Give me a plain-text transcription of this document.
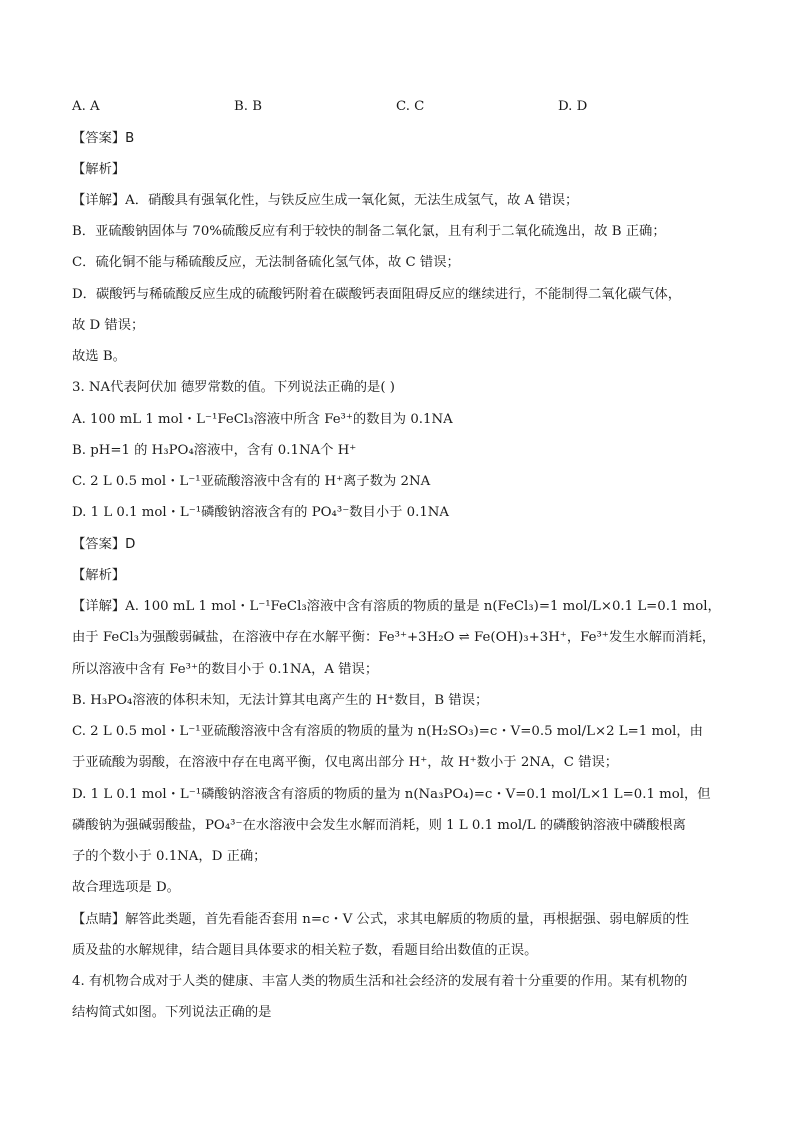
A. A	B. B	C. C	D. D
【答案】B
【解析】
【详解】A．硝酸具有强氧化性，与铁反应生成一氧化氮，无法生成氢气，故 A 错误；
B．亚硫酸钠固体与 70%硫酸反应有利于较快的制备二氧化氯，且有利于二氧化硫逸出，故 B 正确；
C．硫化铜不能与稀硫酸反应，无法制备硫化氢气体，故 C 错误；
D．碳酸钙与稀硫酸反应生成的硫酸钙附着在碳酸钙表面阻碍反应的继续进行，不能制得二氧化碳气体，
故 D 错误；
故选 B。
3. NA代表阿伏加 德罗常数的值。下列说法正确的是( )
A. 100 mL 1 mol・L⁻¹FeCl₃溶液中所含 Fe³⁺的数目为 0.1NA
B. pH=1 的 H₃PO₄溶液中，含有 0.1NA个 H⁺
C. 2 L 0.5 mol・L⁻¹亚硫酸溶液中含有的 H⁺离子数为 2NA
D. 1 L 0.1 mol・L⁻¹磷酸钠溶液含有的 PO₄³⁻数目小于 0.1NA
【答案】D
【解析】
【详解】A. 100 mL 1 mol・L⁻¹FeCl₃溶液中含有溶质的物质的量是 n(FeCl₃)=1 mol/L×0.1 L=0.1 mol，
由于 FeCl₃为强酸弱碱盐，在溶液中存在水解平衡：Fe³⁺+3H₂O ⇌ Fe(OH)₃+3H⁺，Fe³⁺发生水解而消耗，
所以溶液中含有 Fe³⁺的数目小于 0.1NA，A 错误；
B. H₃PO₄溶液的体积未知，无法计算其电离产生的 H⁺数目，B 错误；
C. 2 L 0.5 mol・L⁻¹亚硫酸溶液中含有溶质的物质的量为 n(H₂SO₃)=c・V=0.5 mol/L×2 L=1 mol，由
于亚硫酸为弱酸，在溶液中存在电离平衡，仅电离出部分 H⁺，故 H⁺数小于 2NA，C 错误；
D. 1 L 0.1 mol・L⁻¹磷酸钠溶液含有溶质的物质的量为 n(Na₃PO₄)=c・V=0.1 mol/L×1 L=0.1 mol，但
磷酸钠为强碱弱酸盐，PO₄³⁻在水溶液中会发生水解而消耗，则 1 L 0.1 mol/L 的磷酸钠溶液中磷酸根离
子的个数小于 0.1NA，D 正确；
故合理选项是 D。
【点睛】解答此类题，首先看能否套用 n=c・V 公式，求其电解质的物质的量，再根据强、弱电解质的性
质及盐的水解规律，结合题目具体要求的相关粒子数，看题目给出数值的正误。
4. 有机物合成对于人类的健康、丰富人类的物质生活和社会经济的发展有着十分重要的作用。某有机物的
结构简式如图。下列说法正确的是
